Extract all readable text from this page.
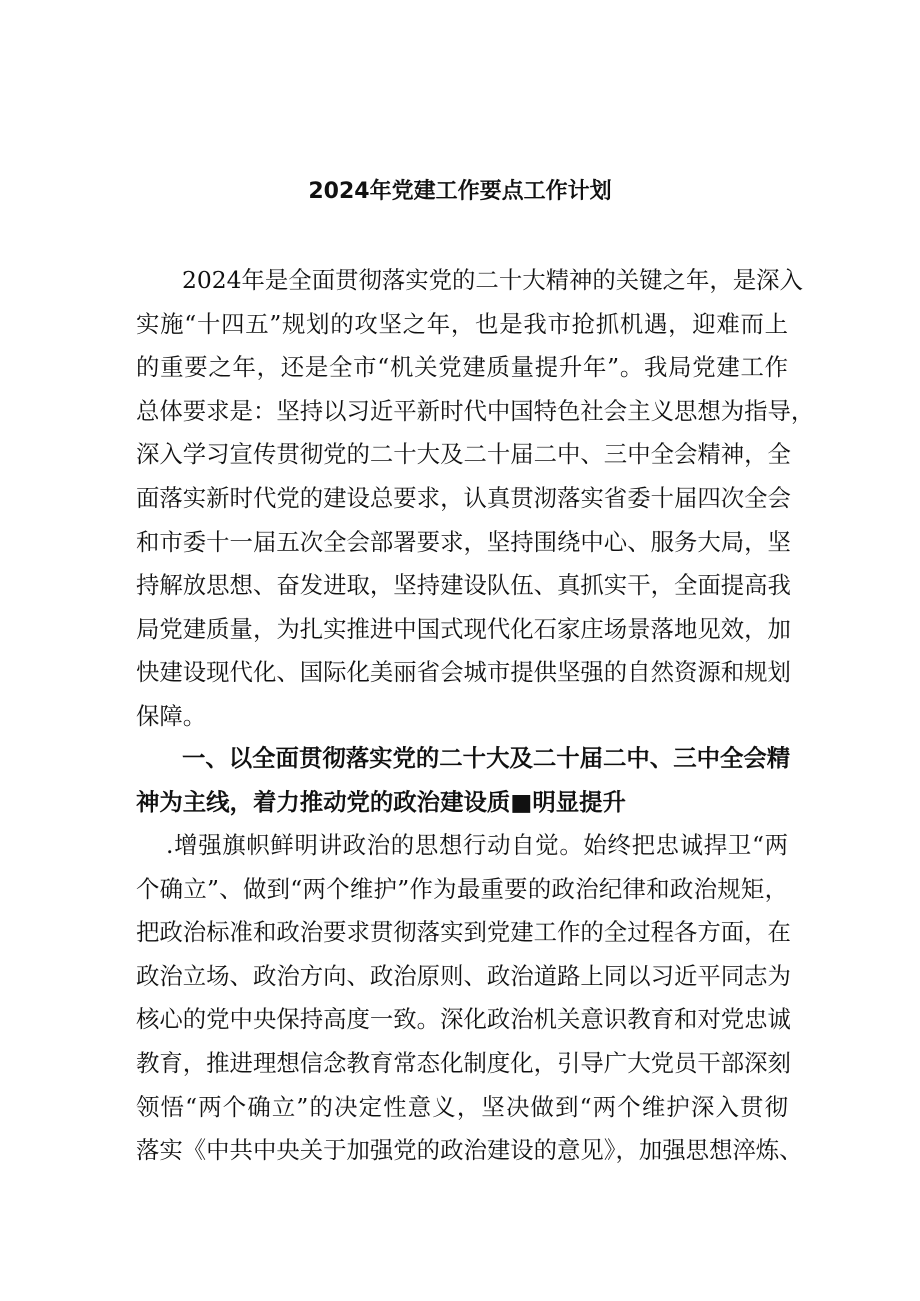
2024年党建工作要点工作计划
2024年是全面贯彻落实党的二十大精神的关键之年，是深入
实施“十四五”规划的攻坚之年，也是我市抢抓机遇，迎难而上
的重要之年，还是全市“机关党建质量提升年”。我局党建工作
总体要求是：坚持以习近平新时代中国特色社会主义思想为指导，
深入学习宣传贯彻党的二十大及二十届二中、三中全会精神，全
面落实新时代党的建设总要求，认真贯沏落实省委十届四次全会
和市委十一届五次全会部署要求，坚持围绕中心、服务大局，坚
持解放思想、奋发进取，坚持建设队伍、真抓实干，全面提高我
局党建质量，为扎实推进中国式现代化石家庄场景落地见效，加
快建设现代化、国际化美丽省会城市提供坚强的自然资源和规划
保障。
一、以全面贯彻落实党的二十大及二十届二中、三中全会精
神为主线，着力推动党的政治建设质■明显提升
.增强旗帜鲜明讲政治的思想行动自觉。始终把忠诚捍卫“两
个确立”、做到“两个维护”作为最重要的政治纪律和政治规矩，
把政治标准和政治要求贯彻落实到党建工作的全过程各方面，在
政治立场、政治方向、政治原则、政治道路上同以习近平同志为
核心的党中央保持高度一致。深化政治机关意识教育和对党忠诚
教育，推进理想信念教育常态化制度化，引导广大党员干部深刻
领悟“两个确立”的决定性意义，坚决做到“两个维护深入贯彻
落实《中共中央关于加强党的政治建设的意见》，加强思想淬炼、
